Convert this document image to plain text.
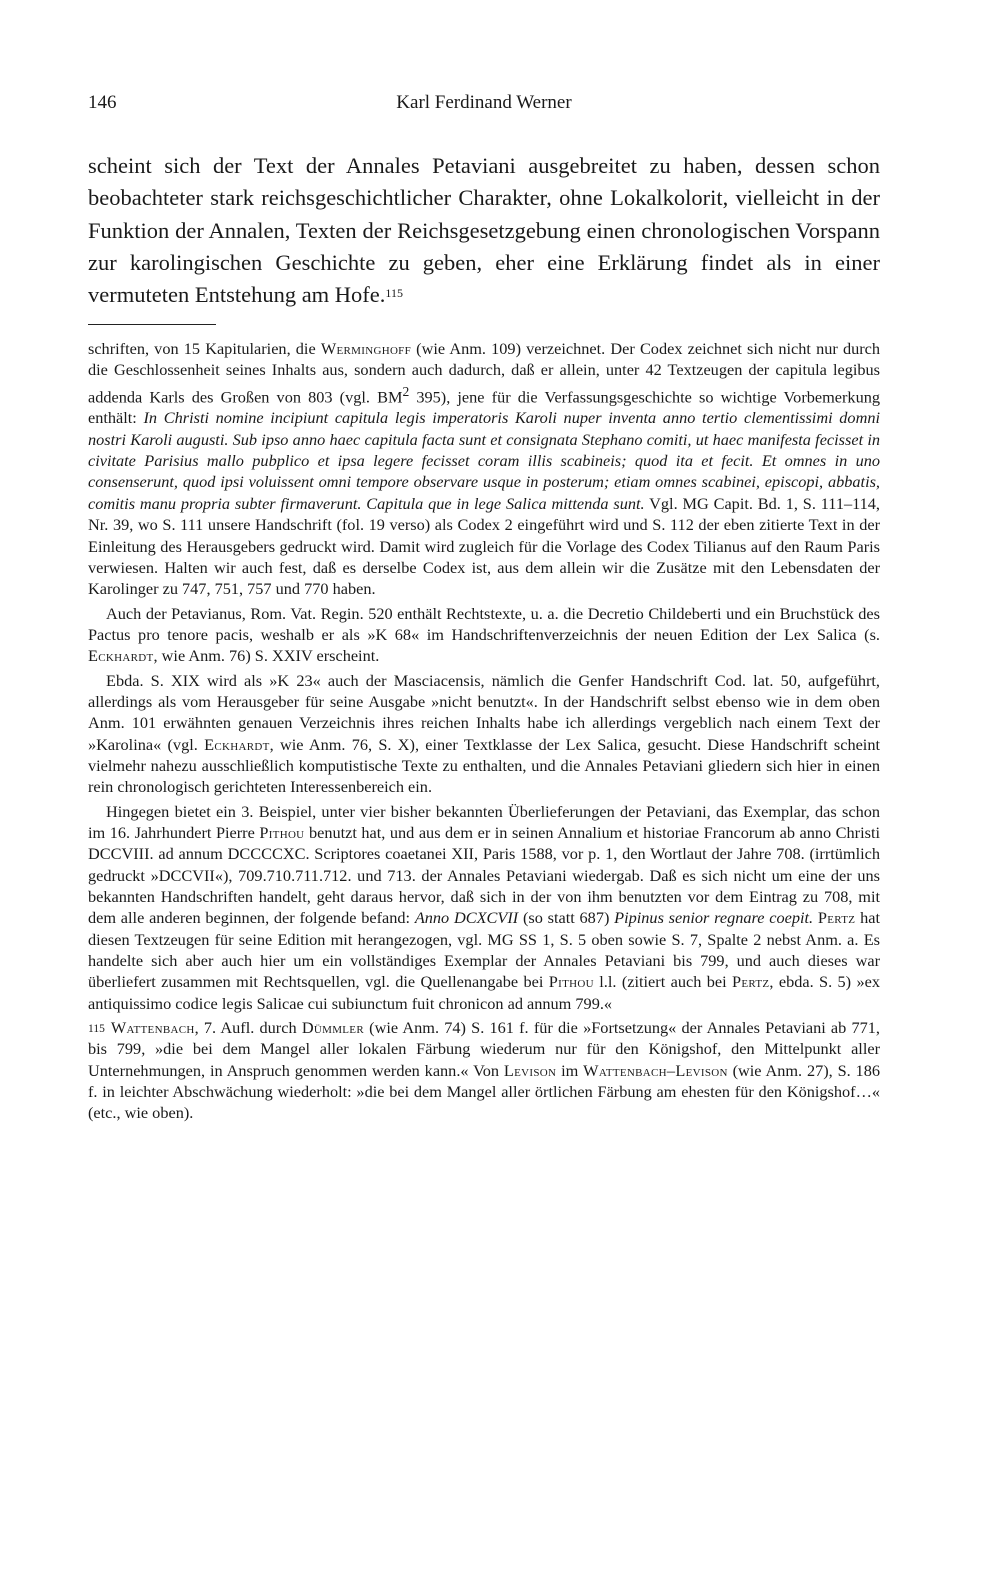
146	Karl Ferdinand Werner

scheint sich der Text der Annales Petaviani ausgebreitet zu haben, dessen schon beobachteter stark reichsgeschichtlicher Charakter, ohne Lokalkolorit, vielleicht in der Funktion der Annalen, Texten der Reichsgesetzgebung einen chronologischen Vorspann zur karolingischen Geschichte zu geben, eher eine Erklärung findet als in einer vermuteten Entstehung am Hofe.$^{115}$

schriften, von 15 Kapitularien, die Werminghoff (wie Anm. 109) verzeichnet. Der Codex zeichnet sich nicht nur durch die Geschlossenheit seines Inhalts aus, sondern auch dadurch, daß er allein, unter 42 Textzeugen der capitula legibus addenda Karls des Großen von 803 (vgl. $BM^2$ 395), jene für die Verfassungsgeschichte so wichtige Vorbemerkung enthält: In Christi nomine incipiunt capitula legis imperatoris Karoli nuper inventa anno tertio clementissimi domni nostri Karoli augusti. Sub ipso anno haec capitula facta sunt et consignata Stephano comiti, ut haec manifesta fecisset in civitate Parisius mallo pubplico et ipsa legere fecisset coram illis scabineis; quod ita et fecit. Et omnes in uno consenserunt, quod ipsi voluissent omni tempore observare usque in posterum; etiam omnes scabinei, episcopi, abbatis, comitis manu propria subter firmaverunt. Capitula que in lege Salica mittenda sunt. Vgl. MG Capit. Bd. 1, S. 111–114, Nr. 39, wo S. 111 unsere Handschrift (fol. 19 verso) als Codex 2 eingeführt wird und S. 112 der eben zitierte Text in der Einleitung des Herausgebers gedruckt wird. Damit wird zugleich für die Vorlage des Codex Tilianus auf den Raum Paris verwiesen. Halten wir auch fest, daß es derselbe Codex ist, aus dem allein wir die Zusätze mit den Lebensdaten der Karolinger zu 747, 751, 757 und 770 haben.

Auch der Petavianus, Rom. Vat. Regin. 520 enthält Rechtstexte, u. a. die Decretio Childeberti und ein Bruchstück des Pactus pro tenore pacis, weshalb er als »K 68« im Handschriftenverzeichnis der neuen Edition der Lex Salica (s. Eckhardt, wie Anm. 76) S. XXIV erscheint.

Ebda. S. XIX wird als »K 23« auch der Masciacensis, nämlich die Genfer Handschrift Cod. lat. 50, aufgeführt, allerdings als vom Herausgeber für seine Ausgabe »nicht benutzt«. In der Handschrift selbst ebenso wie in dem oben Anm. 101 erwähnten genauen Verzeichnis ihres reichen Inhalts habe ich allerdings vergeblich nach einem Text der »Karolina« (vgl. Eckhardt, wie Anm. 76, S. X), einer Textklasse der Lex Salica, gesucht. Diese Handschrift scheint vielmehr nahezu ausschließlich komputistische Texte zu enthalten, und die Annales Petaviani gliedern sich hier in einen rein chronologisch gerichteten Interessenbereich ein.

Hingegen bietet ein 3. Beispiel, unter vier bisher bekannten Überlieferungen der Petaviani, das Exemplar, das schon im 16. Jahrhundert Pierre Pithou benutzt hat, und aus dem er in seinen Annalium et historiae Francorum ab anno Christi DCCVIII. ad annum DCCCCXC. Scriptores coaetanei XII, Paris 1588, vor p. 1, den Wortlaut der Jahre 708. (irrtümlich gedruckt »DCCVII«), 709.710.711.712. und 713. der Annales Petaviani wiedergab. Daß es sich nicht um eine der uns bekannten Handschriften handelt, geht daraus hervor, daß sich in der von ihm benutzten vor dem Eintrag zu 708, mit dem alle anderen beginnen, der folgende befand: Anno DCXCVII (so statt 687) Pipinus senior regnare coepit. Pertz hat diesen Textzeugen für seine Edition mit herangezogen, vgl. MG SS 1, S. 5 oben sowie S. 7, Spalte 2 nebst Anm. a. Es handelte sich aber auch hier um ein vollständiges Exemplar der Annales Petaviani bis 799, und auch dieses war überliefert zusammen mit Rechtsquellen, vgl. die Quellenangabe bei Pithou l.l. (zitiert auch bei Pertz, ebda. S. 5) »ex antiquissimo codice legis Salicae cui subiunctum fuit chronicon ad annum 799.«

$^{115}$ Wattenbach, 7. Aufl. durch Dümmler (wie Anm. 74) S. 161 f. für die »Fortsetzung« der Annales Petaviani ab 771, bis 799, »die bei dem Mangel aller lokalen Färbung wiederum nur für den Königshof, den Mittelpunkt aller Unternehmungen, in Anspruch genommen werden kann.« Von Levison im Wattenbach–Levison (wie Anm. 27), S. 186 f. in leichter Abschwächung wiederholt: »die bei dem Mangel aller örtlichen Färbung am ehesten für den Königshof…« (etc., wie oben).
